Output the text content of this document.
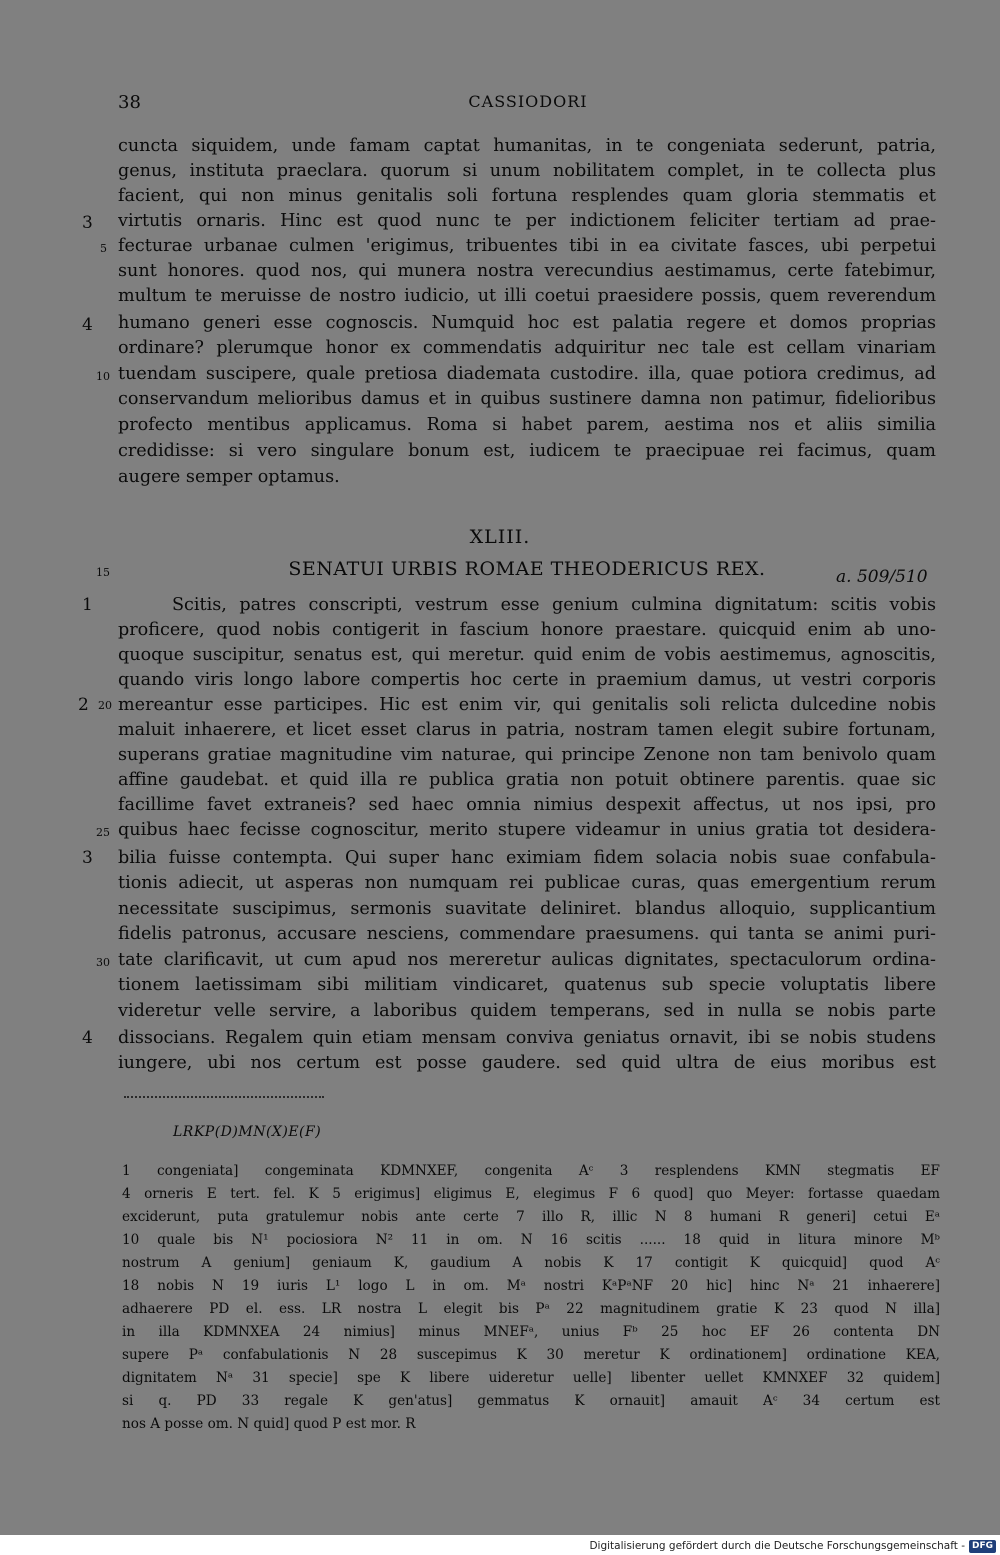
38	CASSIODORI
cuncta siquidem, unde famam captat humanitas, in te congeniata sederunt, patria,
genus, instituta praeclara. quorum si unum nobilitatem complet, in te collecta plus
facient, qui non minus genitalis soli fortuna resplendes quam gloria stemmatis et
virtutis ornaris. Hinc est quod nunc te per indictionem feliciter tertiam ad prae-
fecturae urbanae culmen 'erigimus, tribuentes tibi in ea civitate fasces, ubi perpetui
sunt honores. quod nos, qui munera nostra verecundius aestimamus, certe fatebimur,
multum te meruisse de nostro iudicio, ut illi coetui praesidere possis, quem reverendum
humano generi esse cognoscis. Numquid hoc est palatia regere et domos proprias
ordinare? plerumque honor ex commendatis adquiritur nec tale est cellam vinariam
tuendam suscipere, quale pretiosa diademata custodire. illa, quae potiora credimus, ad
conservandum melioribus damus et in quibus sustinere damna non patimur, fidelioribus
profecto mentibus applicamus. Roma si habet parem, aestima nos et aliis similia
credidisse: si vero singulare bonum est, iudicem te praecipuae rei facimus, quam
augere semper optamus.
3
5
4
10
XLIII.
SENATUI URBIS ROMAE THEODERICUS REX.	a. 509/510
15
Scitis, patres conscripti, vestrum esse genium culmina dignitatum: scitis vobis
proficere, quod nobis contigerit in fascium honore praestare. quicquid enim ab uno-
quoque suscipitur, senatus est, qui meretur. quid enim de vobis aestimemus, agnoscitis,
quando viris longo labore compertis hoc certe in praemium damus, ut vestri corporis
mereantur esse participes. Hic est enim vir, qui genitalis soli relicta dulcedine nobis
maluit inhaerere, et licet esset clarus in patria, nostram tamen elegit subire fortunam,
superans gratiae magnitudine vim naturae, qui principe Zenone non tam benivolo quam
affine gaudebat. et quid illa re publica gratia non potuit obtinere parentis. quae sic
facillime favet extraneis? sed haec omnia nimius despexit affectus, ut nos ipsi, pro
quibus haec fecisse cognoscitur, merito stupere videamur in unius gratia tot desidera-
bilia fuisse contempta. Qui super hanc eximiam fidem solacia nobis suae confabula-
tionis adiecit, ut asperas non numquam rei publicae curas, quas emergentium rerum
necessitate suscipimus, sermonis suavitate deliniret. blandus alloquio, supplicantium
fidelis patronus, accusare nesciens, commendare praesumens. qui tanta se animi puri-
tate clarificavit, ut cum apud nos mereretur aulicas dignitates, spectaculorum ordina-
tionem laetissimam sibi militiam vindicaret, quatenus sub specie voluptatis libere
videretur velle servire, a laboribus quidem temperans, sed in nulla se nobis parte
dissocians. Regalem quin etiam mensam conviva geniatus ornavit, ibi se nobis studens
iungere, ubi nos certum est posse gaudere. sed quid ultra de eius moribus est
1
2 20
25
3
30
4
LRKP(D)MN(X)E(F)
1 congeniata] congeminata KDMNXEF, congenita Aᶜ 3 resplendens KMN stegmatis EF
4 orneris E tert. fel. K 5 erigimus] eligimus E, elegimus F 6 quod] quo Meyer: fortasse quaedam
exciderunt, puta gratulemur nobis ante certe 7 illo R, illic N 8 humani R generi] cetui Eᵃ
10 quale bis N¹ pociosiora N² 11 in om. N 16 scitis ...... 18 quid in litura minore Mᵇ
nostrum A genium] geniaum K, gaudium A nobis K 17 contigit K quicquid] quod Aᶜ
18 nobis N 19 iuris L¹ logo L in om. Mᵃ nostri KᵃPᵃNF 20 hic] hinc Nᵃ 21 inhaerere]
adhaerere PD el. ess. LR nostra L elegit bis Pᵃ 22 magnitudinem gratie K 23 quod N illa]
in illa KDMNXEA 24 nimius] minus MNEFᵃ, unius Fᵇ 25 hoc EF 26 contenta DN
supere Pᵃ confabulationis N 28 suscepimus K 30 meretur K ordinationem] ordinatione KEA,
dignitatem Nᵃ 31 specie] spe K libere uideretur uelle] libenter uellet KMNXEF 32 quidem]
si q. PD 33 regale K gen'atus] gemmatus K ornauit] amauit Aᶜ 34 certum est
nos A posse om. N quid] quod P est mor. R
Digitalisierung gefördert durch die Deutsche Forschungsgemeinschaft - DFG
